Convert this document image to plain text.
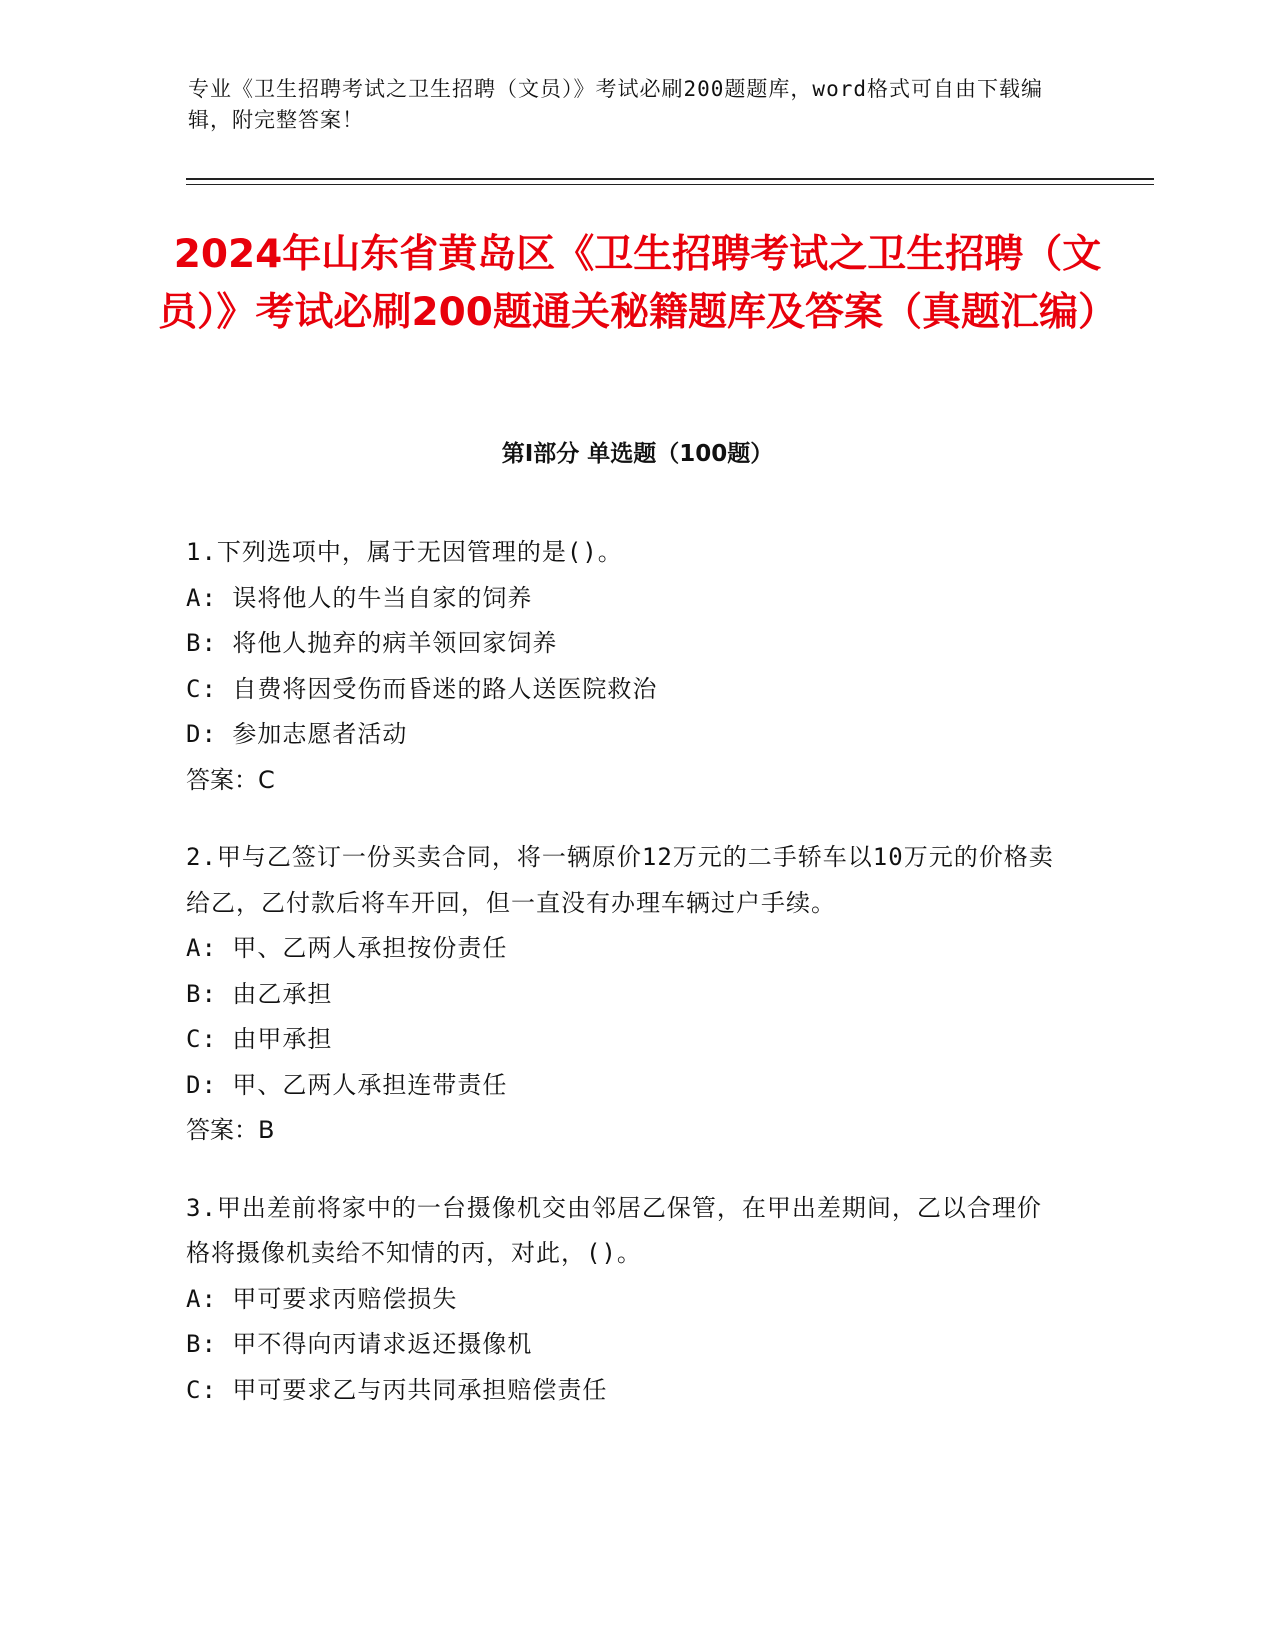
专业《卫生招聘考试之卫生招聘（文员）》考试必刷200题题库，word格式可自由下载编辑，附完整答案！
2024年山东省黄岛区《卫生招聘考试之卫生招聘（文员）》考试必刷200题通关秘籍题库及答案（真题汇编）
第Ⅰ部分 单选题（100题）
1.下列选项中，属于无因管理的是()。
A: 误将他人的牛当自家的饲养
B: 将他人抛弃的病羊领回家饲养
C: 自费将因受伤而昏迷的路人送医院救治
D: 参加志愿者活动
答案：C
2.甲与乙签订一份买卖合同，将一辆原价12万元的二手轿车以10万元的价格卖给乙，乙付款后将车开回，但一直没有办理车辆过户手续。
A: 甲、乙两人承担按份责任
B: 由乙承担
C: 由甲承担
D: 甲、乙两人承担连带责任
答案：B
3.甲出差前将家中的一台摄像机交由邻居乙保管，在甲出差期间，乙以合理价格将摄像机卖给不知情的丙，对此，()。
A: 甲可要求丙赔偿损失
B: 甲不得向丙请求返还摄像机
C: 甲可要求乙与丙共同承担赔偿责任
